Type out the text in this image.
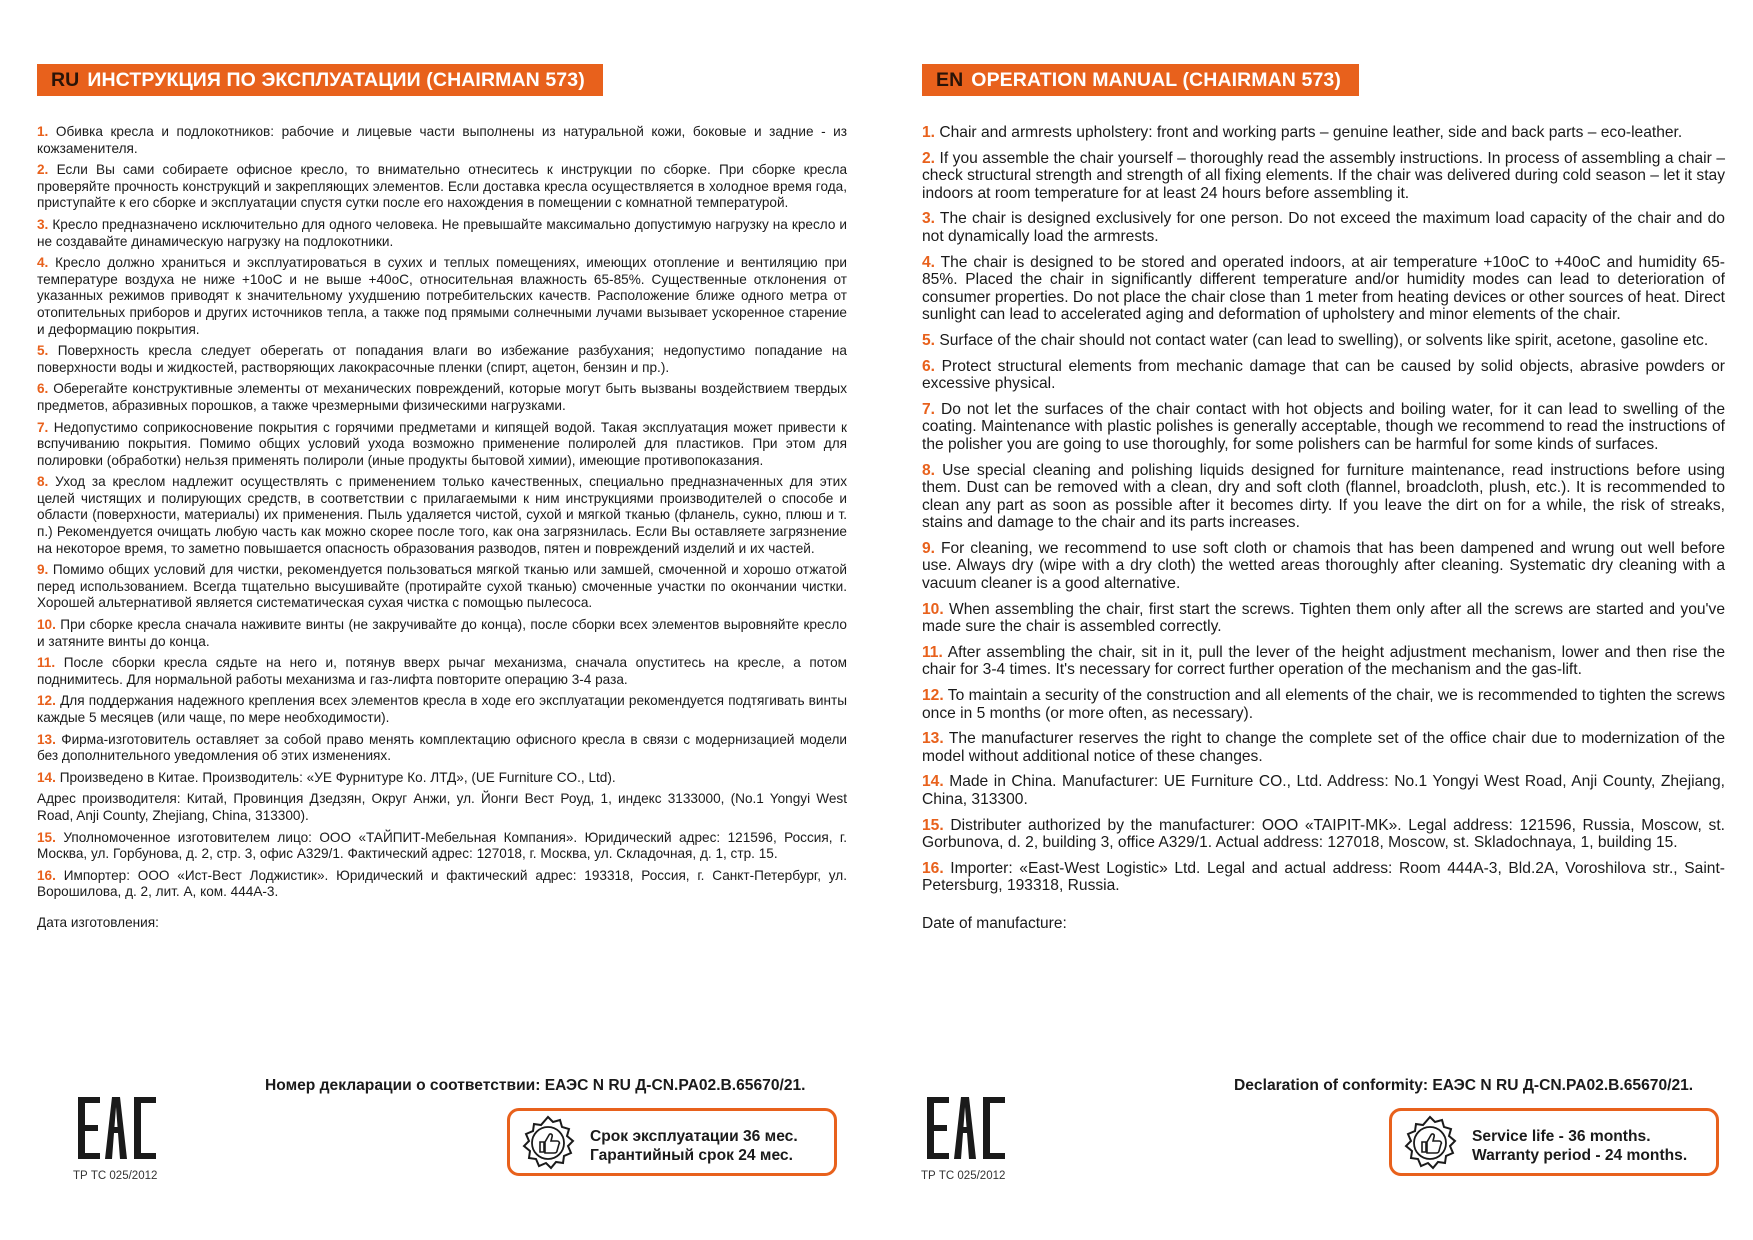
RU ИНСТРУКЦИЯ ПО ЭКСПЛУАТАЦИИ (CHAIRMAN 573)
1. Обивка кресла и подлокотников: рабочие и лицевые части выполнены из натуральной кожи, боковые и задние - из кожзаменителя.
2. Если Вы сами собираете офисное кресло, то внимательно отнеситесь к инструкции по сборке. При сборке кресла проверяйте прочность конструкций и закрепляющих элементов. Если доставка кресла осуществляется в холодное время года, приступайте к его сборке и эксплуатации спустя сутки после его нахождения в помещении с комнатной температурой.
3. Кресло предназначено исключительно для одного человека. Не превышайте максимально допустимую нагрузку на кресло и не создавайте динамическую нагрузку на подлокотники.
4. Кресло должно храниться и эксплуатироваться в сухих и теплых помещениях, имеющих отопление и вентиляцию при температуре воздуха не ниже +10оС и не выше +40оС, относительная влажность 65-85%. Существенные отклонения от указанных режимов приводят к значительному ухудшению потребительских качеств. Расположение ближе одного метра от отопительных приборов и других источников тепла, а также под прямыми солнечными лучами вызывает ускоренное старение и деформацию покрытия.
5. Поверхность кресла следует оберегать от попадания влаги во избежание разбухания; недопустимо попадание на поверхности воды и жидкостей, растворяющих лакокрасочные пленки (спирт, ацетон, бензин и пр.).
6. Оберегайте конструктивные элементы от механических повреждений, которые могут быть вызваны воздействием твердых предметов, абразивных порошков, а также чрезмерными физическими нагрузками.
7. Недопустимо соприкосновение покрытия с горячими предметами и кипящей водой. Такая эксплуатация может привести к вспучиванию покрытия. Помимо общих условий ухода возможно применение полиролей для пластиков. При этом для полировки (обработки) нельзя применять полироли (иные продукты бытовой химии), имеющие противопоказания.
8. Уход за креслом надлежит осуществлять с применением только качественных, специально предназначенных для этих целей чистящих и полирующих средств, в соответствии с прилагаемыми к ним инструкциями производителей о способе и области (поверхности, материалы) их применения. Пыль удаляется чистой, сухой и мягкой тканью (фланель, сукно, плюш и т. п.) Рекомендуется очищать любую часть как можно скорее после того, как она загрязнилась. Если Вы оставляете загрязнение на некоторое время, то заметно повышается опасность образования разводов, пятен и повреждений изделий и их частей.
9. Помимо общих условий для чистки, рекомендуется пользоваться мягкой тканью или замшей, смоченной и хорошо отжатой перед использованием. Всегда тщательно высушивайте (протирайте сухой тканью) смоченные участки по окончании чистки. Хорошей альтернативой является систематическая сухая чистка с помощью пылесоса.
10. При сборке кресла сначала наживите винты (не закручивайте до конца), после сборки всех элементов выровняйте кресло и затяните винты до конца.
11. После сборки кресла сядьте на него и, потянув вверх рычаг механизма, сначала опуститесь на кресле, а потом поднимитесь. Для нормальной работы механизма и газ-лифта повторите операцию 3-4 раза.
12. Для поддержания надежного крепления всех элементов кресла в ходе его эксплуатации рекомендуется подтягивать винты каждые 5 месяцев (или чаще, по мере необходимости).
13. Фирма-изготовитель оставляет за собой право менять комплектацию офисного кресла в связи с модернизацией модели без дополнительного уведомления об этих изменениях.
14. Произведено в Китае. Производитель: «УЕ Фурнитуре Ко. ЛТД», (UE Furniture CO., Ltd).
Адрес производителя: Китай, Провинция Дзедзян, Округ Анжи, ул. Йонги Вест Роуд, 1, индекс 3133000, (No.1 Yongyi West Road, Anji County, Zhejiang, China, 313300).
15. Уполномоченное изготовителем лицо: ООО «ТАЙПИТ-Мебельная Компания». Юридический адрес: 121596, Россия, г. Москва, ул. Горбунова, д. 2, стр. 3, офис А329/1. Фактический адрес: 127018, г. Москва, ул. Складочная, д. 1, стр. 15.
16. Импортер: ООО «Ист-Вест Лоджистик». Юридический и фактический адрес: 193318, Россия, г. Санкт-Петербург, ул. Ворошилова, д. 2, лит. А, ком. 444А-3.
Дата изготовления:
EN OPERATION MANUAL (CHAIRMAN 573)
1. Chair and armrests upholstery: front and working parts – genuine leather, side and back parts – eco-leather.
2. If you assemble the chair yourself – thoroughly read the assembly instructions. In process of assembling a chair – check structural strength and strength of all fixing elements. If the chair was delivered during cold season – let it stay indoors at room temperature for at least 24 hours before assembling it.
3. The chair is designed exclusively for one person. Do not exceed the maximum load capacity of the chair and do not dynamically load the armrests.
4. The chair is designed to be stored and operated indoors, at air temperature +10оC to +40оC and humidity 65-85%. Placed the chair in significantly different temperature and/or humidity modes can lead to deterioration of consumer properties. Do not place the chair close than 1 meter from heating devices or other sources of heat. Direct sunlight can lead to accelerated aging and deformation of upholstery and minor elements of the chair.
5. Surface of the chair should not contact water (can lead to swelling), or solvents like spirit, acetone, gasoline etc.
6. Protect structural elements from mechanic damage that can be caused by solid objects, abrasive powders or excessive physical.
7. Do not let the surfaces of the chair contact with hot objects and boiling water, for it can lead to swelling of the coating. Maintenance with plastic polishes is generally acceptable, though we recommend to read the instructions of the polisher you are going to use thoroughly, for some polishers can be harmful for some kinds of surfaces.
8. Use special cleaning and polishing liquids designed for furniture maintenance, read instructions before using them. Dust can be removed with a clean, dry and soft cloth (flannel, broadcloth, plush, etc.). It is recommended to clean any part as soon as possible after it becomes dirty. If you leave the dirt on for a while, the risk of streaks, stains and damage to the chair and its parts increases.
9. For cleaning, we recommend to use soft cloth or chamois that has been dampened and wrung out well before use. Always dry (wipe with a dry cloth) the wetted areas thoroughly after cleaning. Systematic dry cleaning with a vacuum cleaner is a good alternative.
10. When assembling the chair, first start the screws. Tighten them only after all the screws are started and you've made sure the chair is assembled correctly.
11. After assembling the chair, sit in it, pull the lever of the height adjustment mechanism, lower and then rise the chair for 3-4 times. It's necessary for correct further operation of the mechanism and the gas-lift.
12. To maintain a security of the construction and all elements of the chair, we is recommended to tighten the screws once in 5 months (or more often, as necessary).
13. The manufacturer reserves the right to change the complete set of the office chair due to modernization of the model without additional notice of these changes.
14. Made in China. Manufacturer: UE Furniture CO., Ltd. Address: No.1 Yongyi West Road, Anji County, Zhejiang, China, 313300.
15. Distributer authorized by the manufacturer: OOO «TAIPIT-MK». Legal address: 121596, Russia, Moscow, st. Gorbunova, d. 2, building 3, office A329/1. Actual address: 127018, Moscow, st. Skladochnaya, 1, building 15.
16. Importer: «East-West Logistic» Ltd. Legal and actual address: Room 444A-3, Bld.2A, Voroshilova str., Saint-Petersburg, 193318, Russia.
Date of manufacture:
Номер декларации о соответствии: ЕАЭС N RU Д-CN.PA02.B.65670/21.
ТР ТС 025/2012
Срок эксплуатации 36 мес.
Гарантийный срок 24 мес.
Declaration of conformity: ЕАЭС N RU Д-CN.PA02.B.65670/21.
ТР ТС 025/2012
Service life - 36 months.
Warranty period - 24 months.
